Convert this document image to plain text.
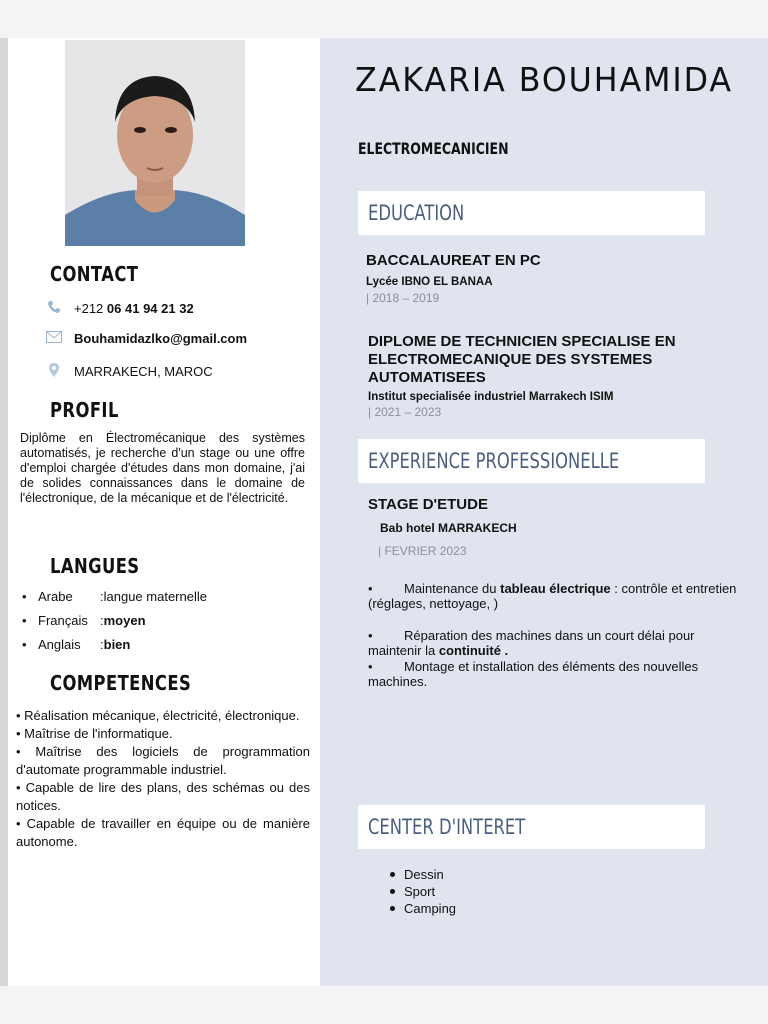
CONTACT
+212 06 41 94 21 32
Bouhamidazlko@gmail.com
MARRAKECH, MAROC
PROFIL

Diplôme en Électromécanique des systèmes automatisés, je recherche d'un stage ou une offre d'emploi chargée d'études dans mon domaine, j'ai de solides connaissances dans le domaine de l'électronique, de la mécanique et de l'électricité.

LANGUES
• Arabe	: langue maternelle
• Français : moyen
• Anglais	: bien
COMPETENCES
• Réalisation mécanique, électricité, électronique.
• Maîtrise de l'informatique.
• Maîtrise des logiciels de programmation d'automate programmable industriel.
• Capable de lire des plans, des schémas ou des notices.
• Capable de travailler en équipe ou de manière autonome.
ZAKARIA BOUHAMIDA
ELECTROMECANICIEN
EDUCATION
BACCALAUREAT EN PC
Lycée IBNO EL BANAA
| 2018 – 2019
DIPLOME DE TECHNICIEN SPECIALISE EN ELECTROMECANIQUE DES SYSTEMES AUTOMATISEES
Institut specialisée industriel Marrakech ISIM
| 2021 – 2023
EXPERIENCE PROFESSIONELLE
STAGE D'ETUDE
Bab hotel MARRAKECH
| FEVRIER 2023
• Maintenance du tableau électrique : contrôle et entretien (réglages, nettoyage, )
• Réparation des machines dans un court délai pour maintenir la continuité .
• Montage et installation des éléments des nouvelles machines.
CENTER D'INTERET
Dessin
Sport
Camping
